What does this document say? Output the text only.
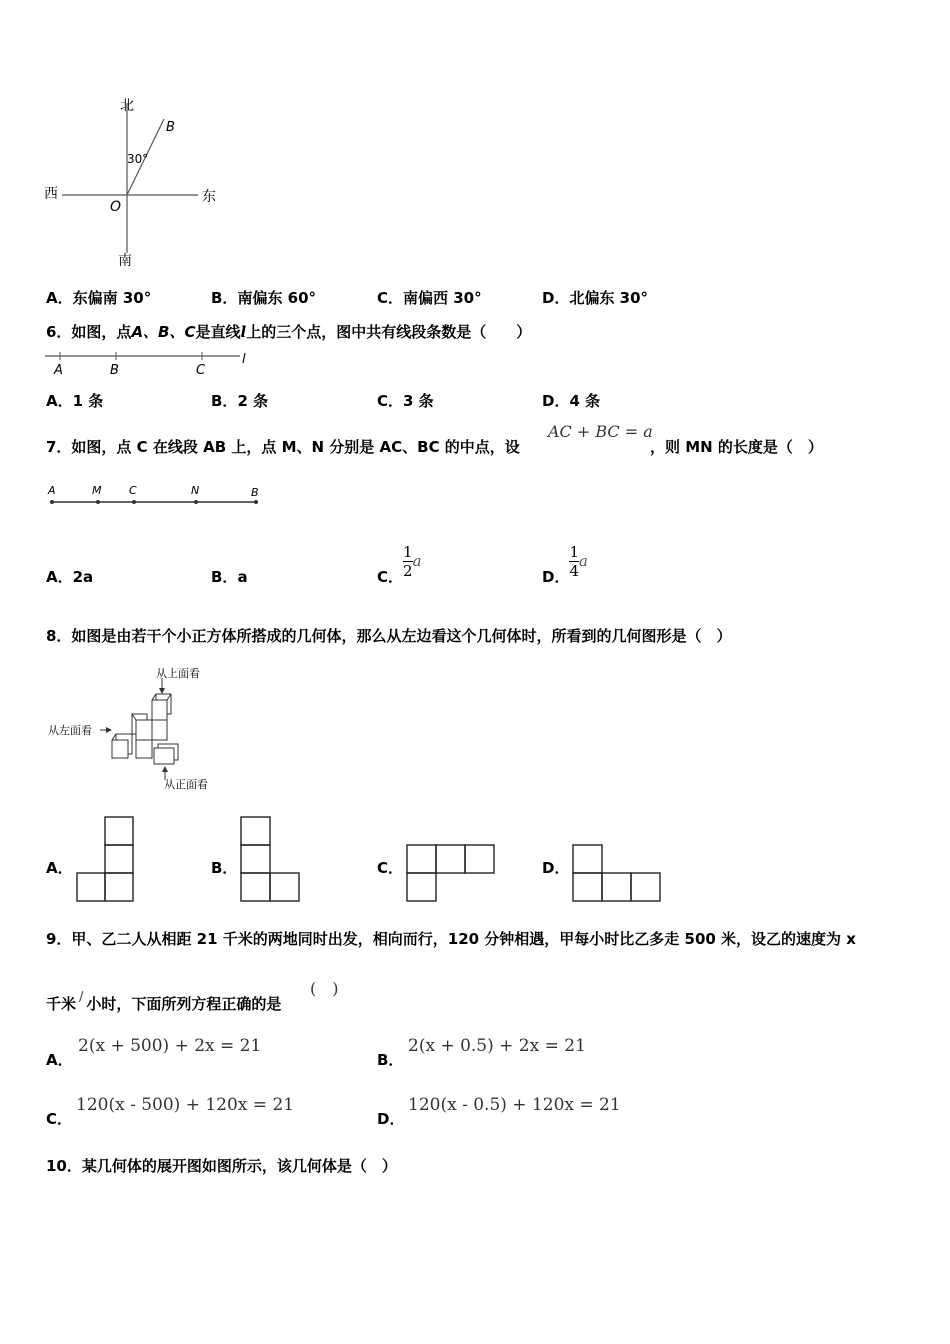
北
南
西	东
O
B
30°
A．东偏南 30°	B．南偏东 60°	C．南偏西 30°	D．北偏东 30°
6．如图，点A、B、C是直线l上的三个点，图中共有线段条数是（　　）
A	B	C
l
A．1 条	B．2 条	C．3 条	D．4 条
7．如图，点 C 在线段 AB 上，点 M、N 分别是 AC、BC 的中点，设
AC + BC = a
，则 MN 的长度是（　）
A	M	C	N	B
A．2a	B．a	C． $\frac{1}{2}$ a
D． $\frac{1}{4}$ a
8．如图是由若干个小正方体所搭成的几何体，那么从左边看这个几何体时，所看到的几何图形是（　）
从上面看
从左面看
从正面看
A．	B．	C．	D．
9．甲、乙二人从相距 21 千米的两地同时出发，相向而行，120 分钟相遇，甲每小时比乙多走 500 米，设乙的速度为 x
千米 / 小时，下面所列方程正确的是
(　)
A．
2(x + 500) + 2x = 21
B．
2(x + 0.5) + 2x = 21
C．
120(x - 500) + 120x = 21
D．
120(x - 0.5) + 120x = 21
10．某几何体的展开图如图所示，该几何体是（　）
